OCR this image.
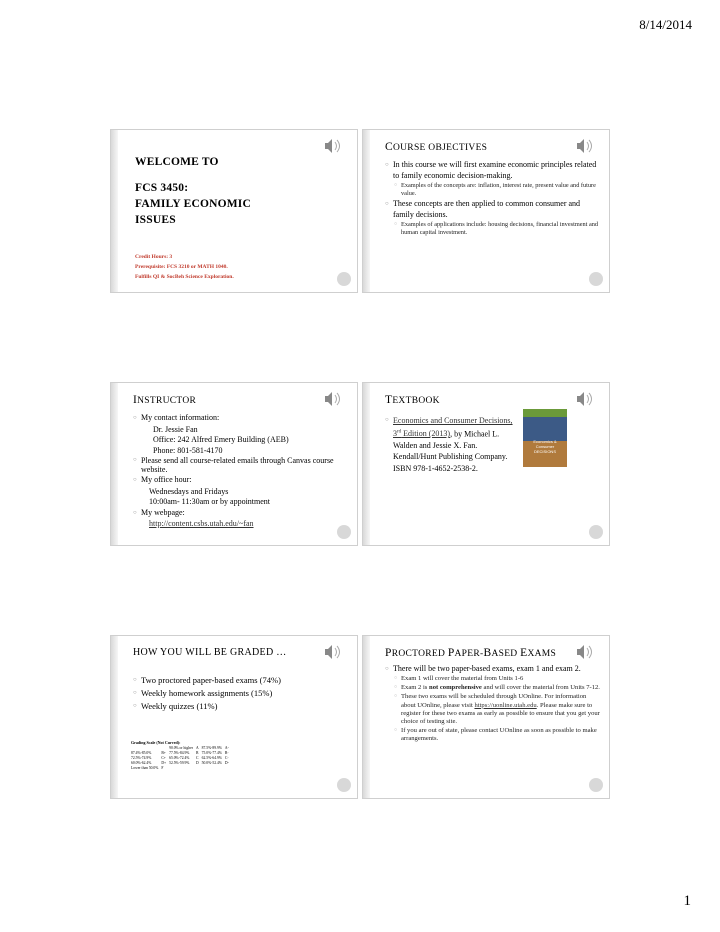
8/14/2014
WELCOME TO
FCS 3450:
FAMILY ECONOMIC
ISSUES
Credit Hours: 3
Prerequisite: FCS 3210 or MATH 1040.
Fulfills QI & SocBeh Science Exploration.
COURSE OBJECTIVES
○ In this course we will first examine economic principles related to family economic decision-making.
○ Examples of the concepts are: inflation, interest rate, present value and future value.
○ These concepts are then applied to common consumer and family decisions.
○ Examples of applications include: housing decisions, financial investment and human capital investment.
INSTRUCTOR
○ My contact information:
Dr. Jessie Fan
Office: 242 Alfred Emery Building (AEB)
Phone: 801-581-4170
○ Please send all course-related emails through Canvas course website.
○ My office hour:
Wednesdays and Fridays
10:00am- 11:30am or by appointment
○ My webpage:
http://content.csbs.utah.edu/~fan
TEXTBOOK
○ Economics and Consumer Decisions, 3rd Edition (2013), by Michael L. Walden and Jessie X. Fan. Kendall/Hunt Publishing Company. ISBN 978-1-4652-2538-2.
Economics & Consumer DECISIONS
HOW YOU WILL BE GRADED …
○ Two proctored paper-based exams (74%)
○ Weekly homework assignments (15%)
○ Weekly quizzes (11%)
Grading Scale (Not Curved):
		90.0% or higher	A	87.5%-89.9%	A-
87.4%-85.0%	B+	77.5%-84.9%	B	75.0%-77.4%	B-
72.5%-74.9%	C+	65.0%-72.4%	C	62.5%-64.9%	C-
60.0%-62.4%	D+	52.5%-59.9%	D	50.0%-52.4%	D-
Lower than 50.0%	F				
PROCTORED PAPER-BASED EXAMS
○ There will be two paper-based exams, exam 1 and exam 2.
○ Exam 1 will cover the material from Units 1-6
○ Exam 2 is not comprehensive and will cover the material from Units 7-12.
○ These two exams will be scheduled through UOnline. For information about UOnline, please visit https://uonline.utah.edu. Please make sure to register for these two exams as early as possible to ensure that you get your choice of testing site.
○ If you are out of state, please contact UOnline as soon as possible to make arrangements.
1
